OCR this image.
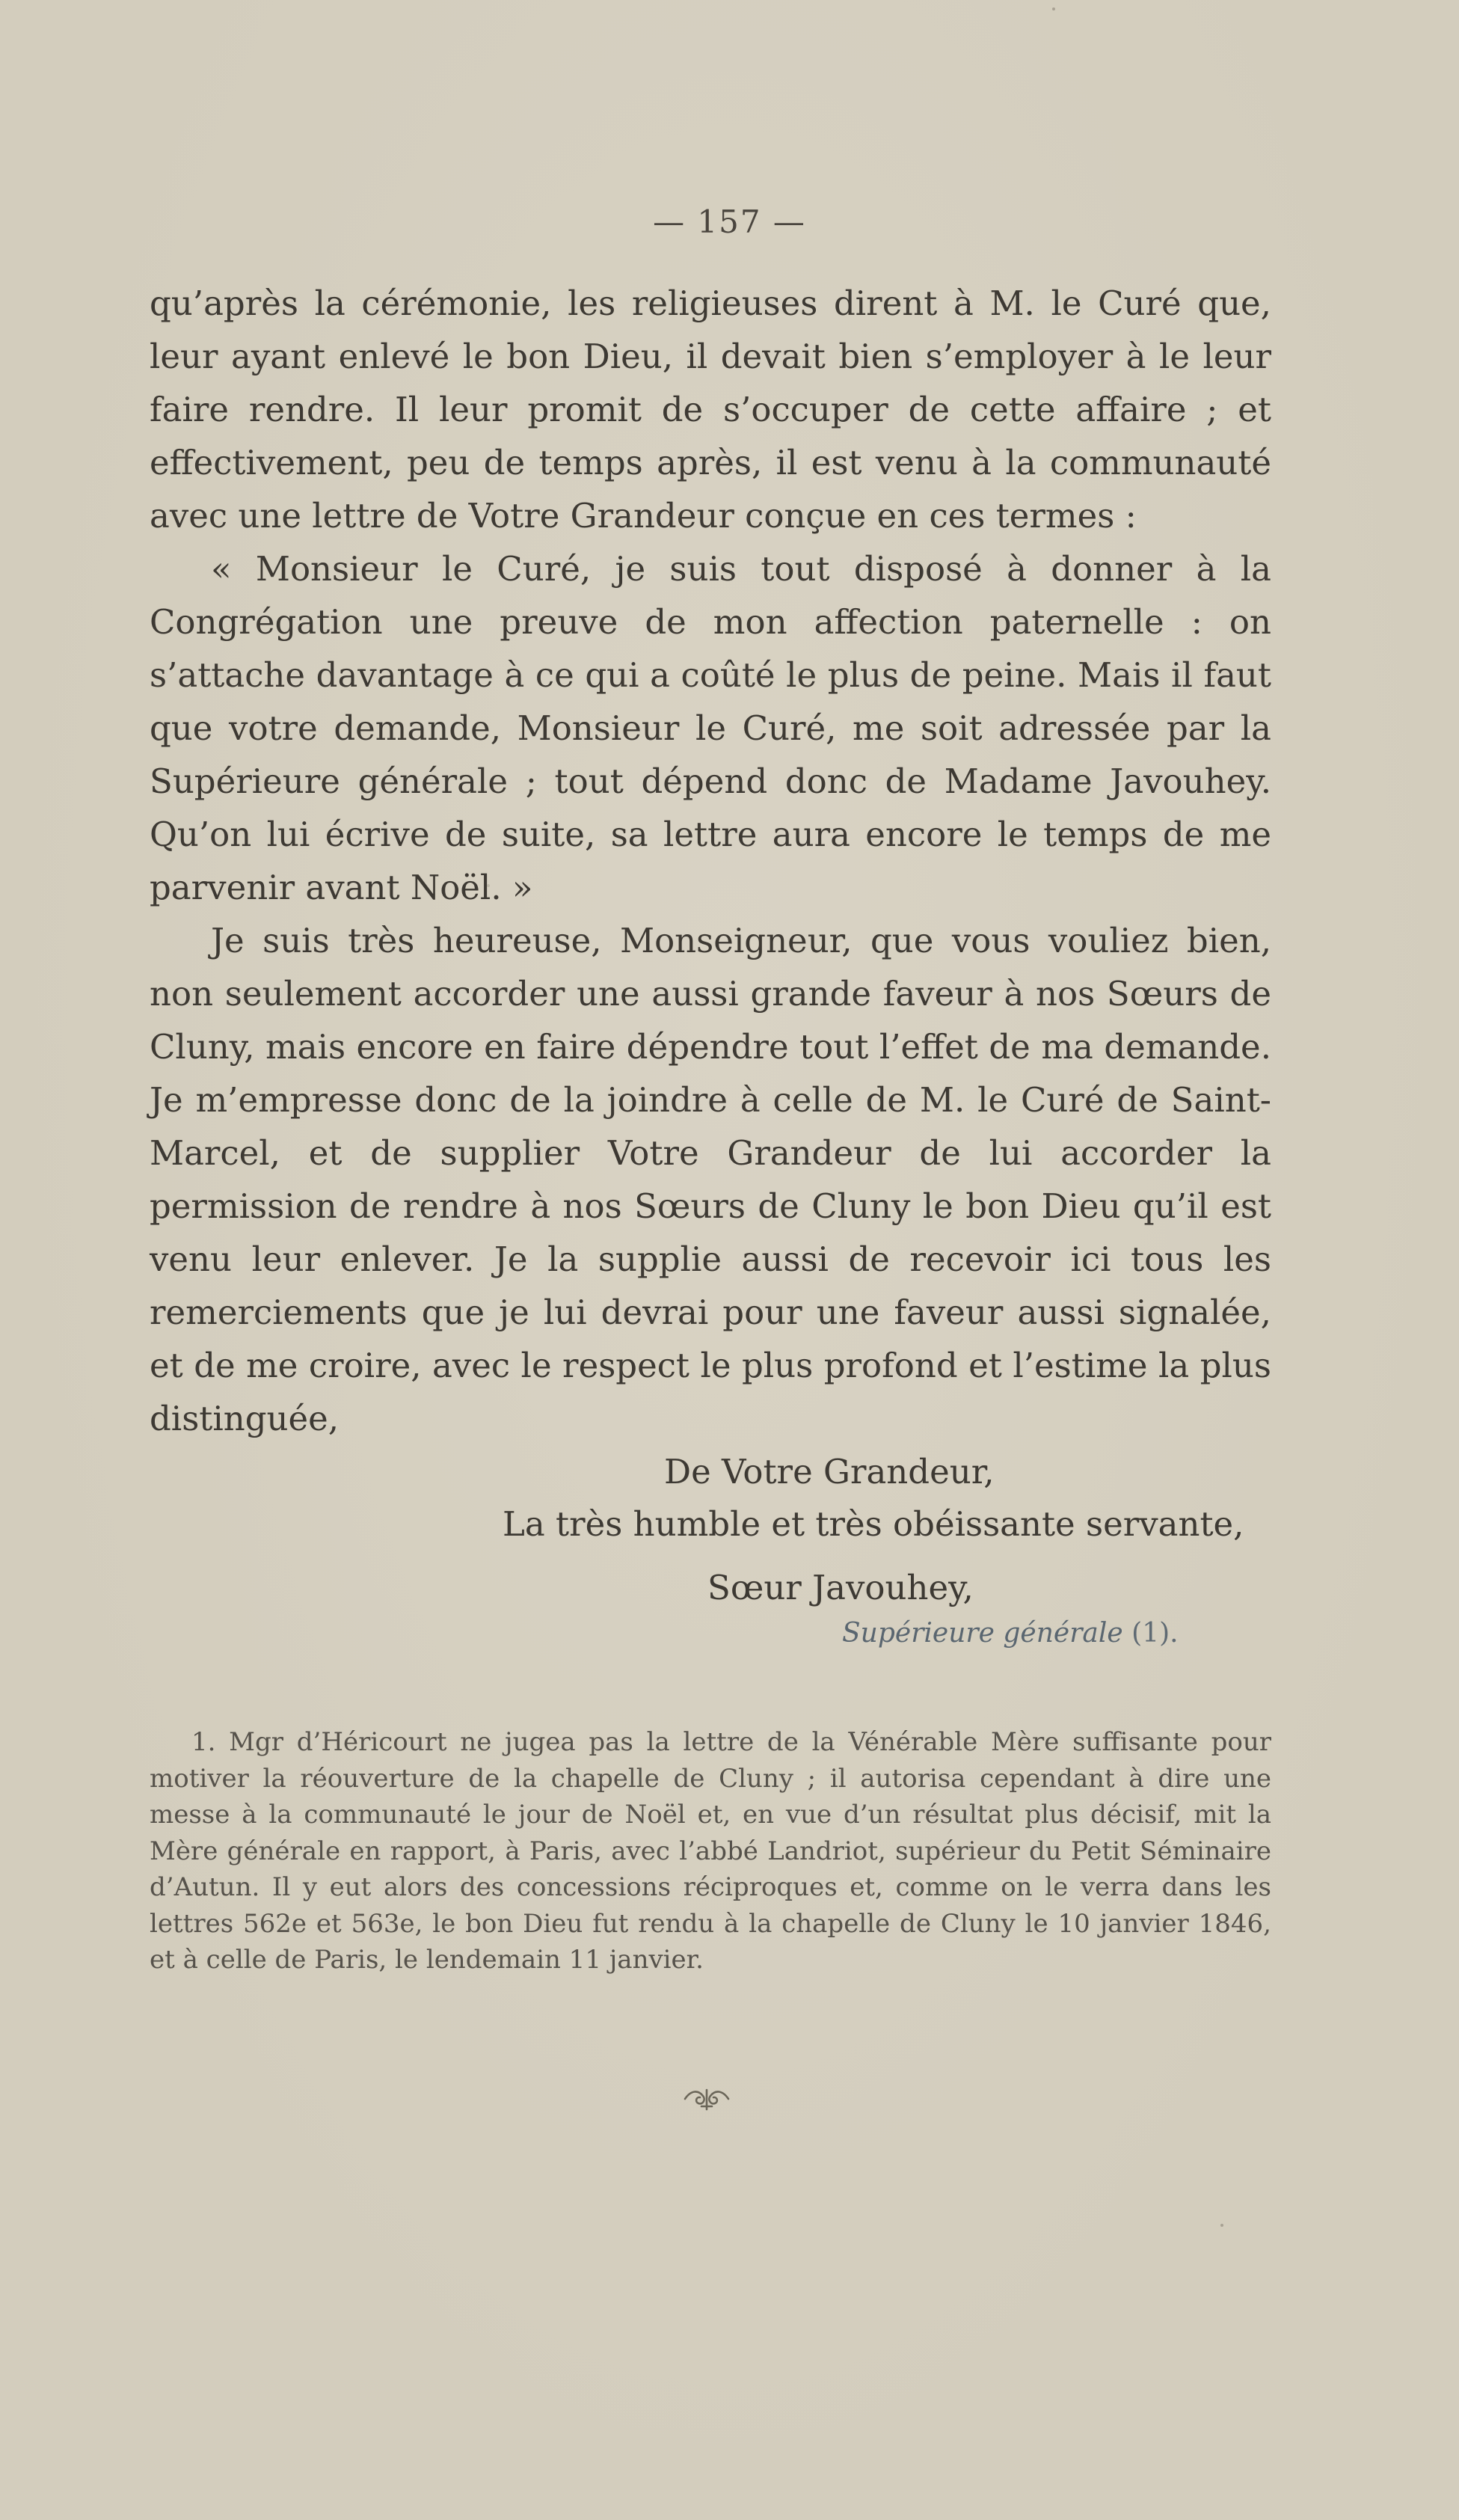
— 157 —

qu’après la cérémonie, les religieuses dirent à M. le Curé que, leur ayant enlevé le bon Dieu, il devait bien s’employer à le leur faire rendre. Il leur promit de s’occuper de cette affaire ; et effectivement, peu de temps après, il est venu à la communauté avec une lettre de Votre Grandeur conçue en ces termes :

« Monsieur le Curé, je suis tout disposé à donner à la Congrégation une preuve de mon affection paternelle : on s’attache davantage à ce qui a coûté le plus de peine. Mais il faut que votre demande, Monsieur le Curé, me soit adressée par la Supérieure générale ; tout dépend donc de Madame Javouhey. Qu’on lui écrive de suite, sa lettre aura encore le temps de me parvenir avant Noël. »

Je suis très heureuse, Monseigneur, que vous vouliez bien, non seulement accorder une aussi grande faveur à nos Sœurs de Cluny, mais encore en faire dépendre tout l’effet de ma demande. Je m’empresse donc de la joindre à celle de M. le Curé de Saint-Marcel, et de supplier Votre Grandeur de lui accorder la permission de rendre à nos Sœurs de Cluny le bon Dieu qu’il est venu leur enlever. Je la supplie aussi de recevoir ici tous les remerciements que je lui devrai pour une faveur aussi signalée, et de me croire, avec le respect le plus profond et l’estime la plus distinguée,

De Votre Grandeur,
La très humble et très obéissante servante,
Sœur Javouhey,
Supérieure générale (1).

1. Mgr d’Héricourt ne jugea pas la lettre de la Vénérable Mère suffisante pour motiver la réouverture de la chapelle de Cluny ; il autorisa cependant à dire une messe à la communauté le jour de Noël et, en vue d’un résultat plus décisif, mit la Mère générale en rapport, à Paris, avec l’abbé Landriot, supérieur du Petit Séminaire d’Autun. Il y eut alors des concessions réciproques et, comme on le verra dans les lettres 562e et 563e, le bon Dieu fut rendu à la chapelle de Cluny le 10 janvier 1846, et à celle de Paris, le lendemain 11 janvier.
